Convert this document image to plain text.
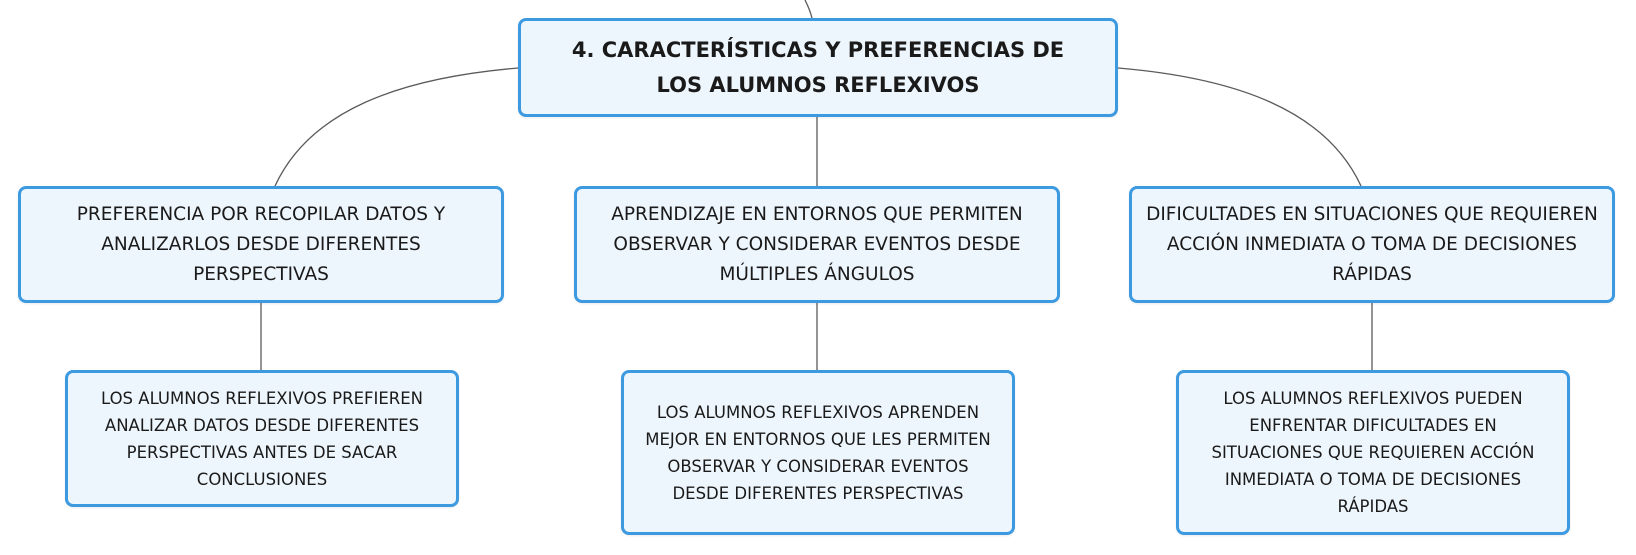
4. CARACTERÍSTICAS Y PREFERENCIAS DE LOS ALUMNOS REFLEXIVOS
PREFERENCIA POR RECOPILAR DATOS Y ANALIZARLOS DESDE DIFERENTES PERSPECTIVAS
APRENDIZAJE EN ENTORNOS QUE PERMITEN OBSERVAR Y CONSIDERAR EVENTOS DESDE MÚLTIPLES ÁNGULOS
DIFICULTADES EN SITUACIONES QUE REQUIEREN ACCIÓN INMEDIATA O TOMA DE DECISIONES RÁPIDAS
LOS ALUMNOS REFLEXIVOS PREFIEREN ANALIZAR DATOS DESDE DIFERENTES PERSPECTIVAS ANTES DE SACAR CONCLUSIONES
LOS ALUMNOS REFLEXIVOS APRENDEN MEJOR EN ENTORNOS QUE LES PERMITEN OBSERVAR Y CONSIDERAR EVENTOS DESDE DIFERENTES PERSPECTIVAS
LOS ALUMNOS REFLEXIVOS PUEDEN ENFRENTAR DIFICULTADES EN SITUACIONES QUE REQUIEREN ACCIÓN INMEDIATA O TOMA DE DECISIONES RÁPIDAS
